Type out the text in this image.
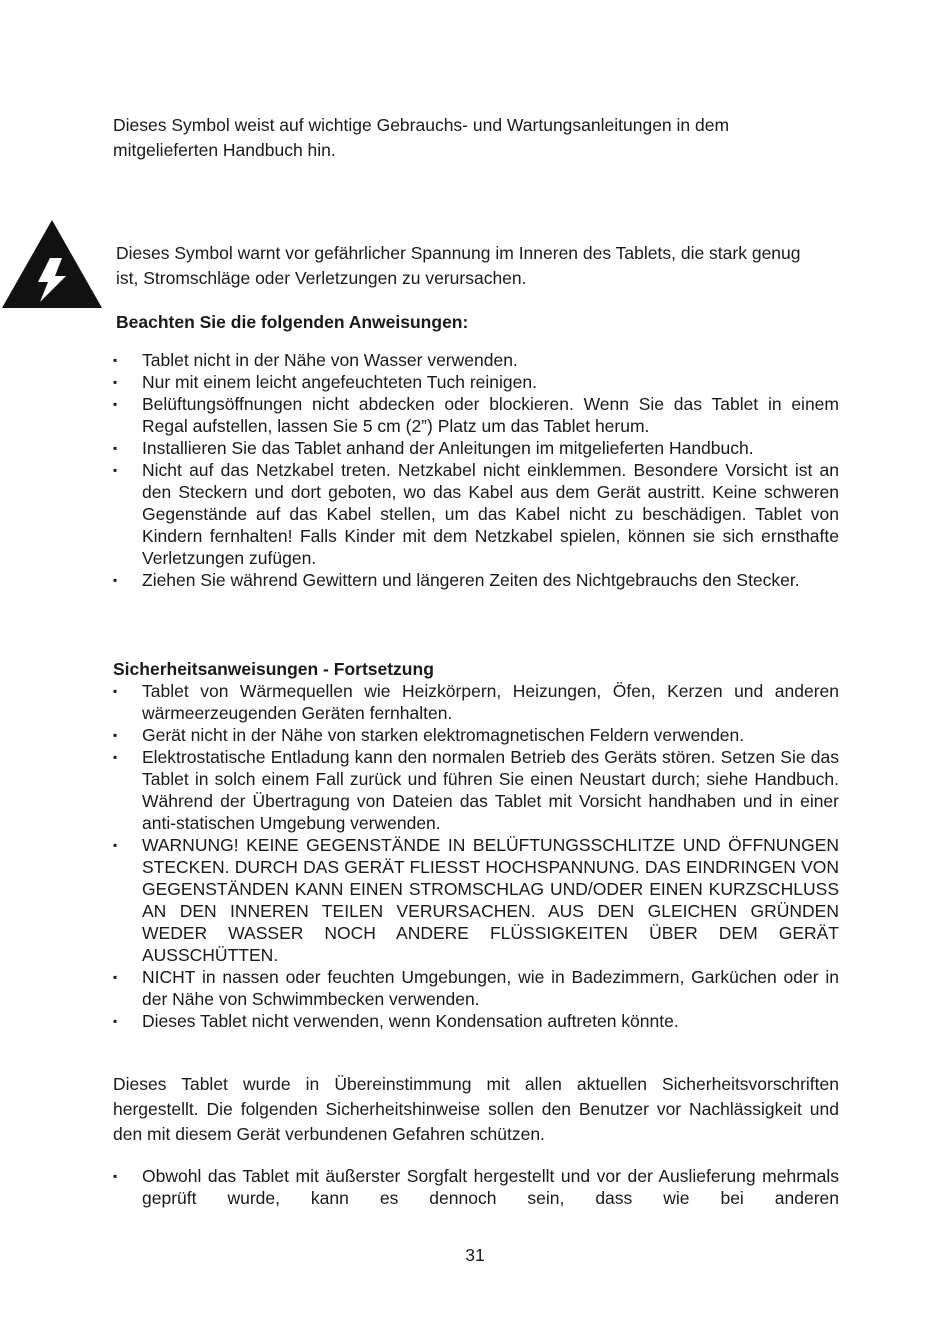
Dieses Symbol weist auf wichtige Gebrauchs- und Wartungsanleitungen in dem mitgelieferten Handbuch hin.

Dieses Symbol warnt vor gefährlicher Spannung im Inneren des Tablets, die stark genug ist, Stromschläge oder Verletzungen zu verursachen.

Beachten Sie die folgenden Anweisungen:
▪	Tablet nicht in der Nähe von Wasser verwenden.
▪	Nur mit einem leicht angefeuchteten Tuch reinigen.
▪	Belüftungsöffnungen nicht abdecken oder blockieren. Wenn Sie das Tablet in einem Regal aufstellen, lassen Sie 5 cm (2”) Platz um das Tablet herum.
▪	Installieren Sie das Tablet anhand der Anleitungen im mitgelieferten Handbuch.
▪	Nicht auf das Netzkabel treten. Netzkabel nicht einklemmen. Besondere Vorsicht ist an den Steckern und dort geboten, wo das Kabel aus dem Gerät austritt. Keine schweren Gegenstände auf das Kabel stellen, um das Kabel nicht zu beschädigen. Tablet von Kindern fernhalten! Falls Kinder mit dem Netzkabel spielen, können sie sich ernsthafte Verletzungen zufügen.
▪	Ziehen Sie während Gewittern und längeren Zeiten des Nichtgebrauchs den Stecker.
Sicherheitsanweisungen - Fortsetzung
▪	Tablet von Wärmequellen wie Heizkörpern, Heizungen, Öfen, Kerzen und anderen wärmeerzeugenden Geräten fernhalten.
▪	Gerät nicht in der Nähe von starken elektromagnetischen Feldern verwenden.
▪	Elektrostatische Entladung kann den normalen Betrieb des Geräts stören. Setzen Sie das Tablet in solch einem Fall zurück und führen Sie einen Neustart durch; siehe Handbuch. Während der Übertragung von Dateien das Tablet mit Vorsicht handhaben und in einer anti-statischen Umgebung verwenden.
▪	WARNUNG! KEINE GEGENSTÄNDE IN BELÜFTUNGSSCHLITZE UND ÖFFNUNGEN STECKEN. DURCH DAS GERÄT FLIESST HOCHSPANNUNG. DAS EINDRINGEN VON GEGENSTÄNDEN KANN EINEN STROMSCHLAG UND/ODER EINEN KURZSCHLUSS AN DEN INNEREN TEILEN VERURSACHEN. AUS DEN GLEICHEN GRÜNDEN WEDER WASSER NOCH ANDERE FLÜSSIGKEITEN ÜBER DEM GERÄT AUSSCHÜTTEN.
▪	NICHT in nassen oder feuchten Umgebungen, wie in Badezimmern, Garküchen oder in der Nähe von Schwimmbecken verwenden.
▪	Dieses Tablet nicht verwenden, wenn Kondensation auftreten könnte.

Dieses Tablet wurde in Übereinstimmung mit allen aktuellen Sicherheitsvorschriften hergestellt. Die folgenden Sicherheitshinweise sollen den Benutzer vor Nachlässigkeit und den mit diesem Gerät verbundenen Gefahren schützen.

▪	Obwohl das Tablet mit äußerster Sorgfalt hergestellt und vor der Auslieferung mehrmals geprüft wurde, kann es dennoch sein, dass wie bei anderen
31
